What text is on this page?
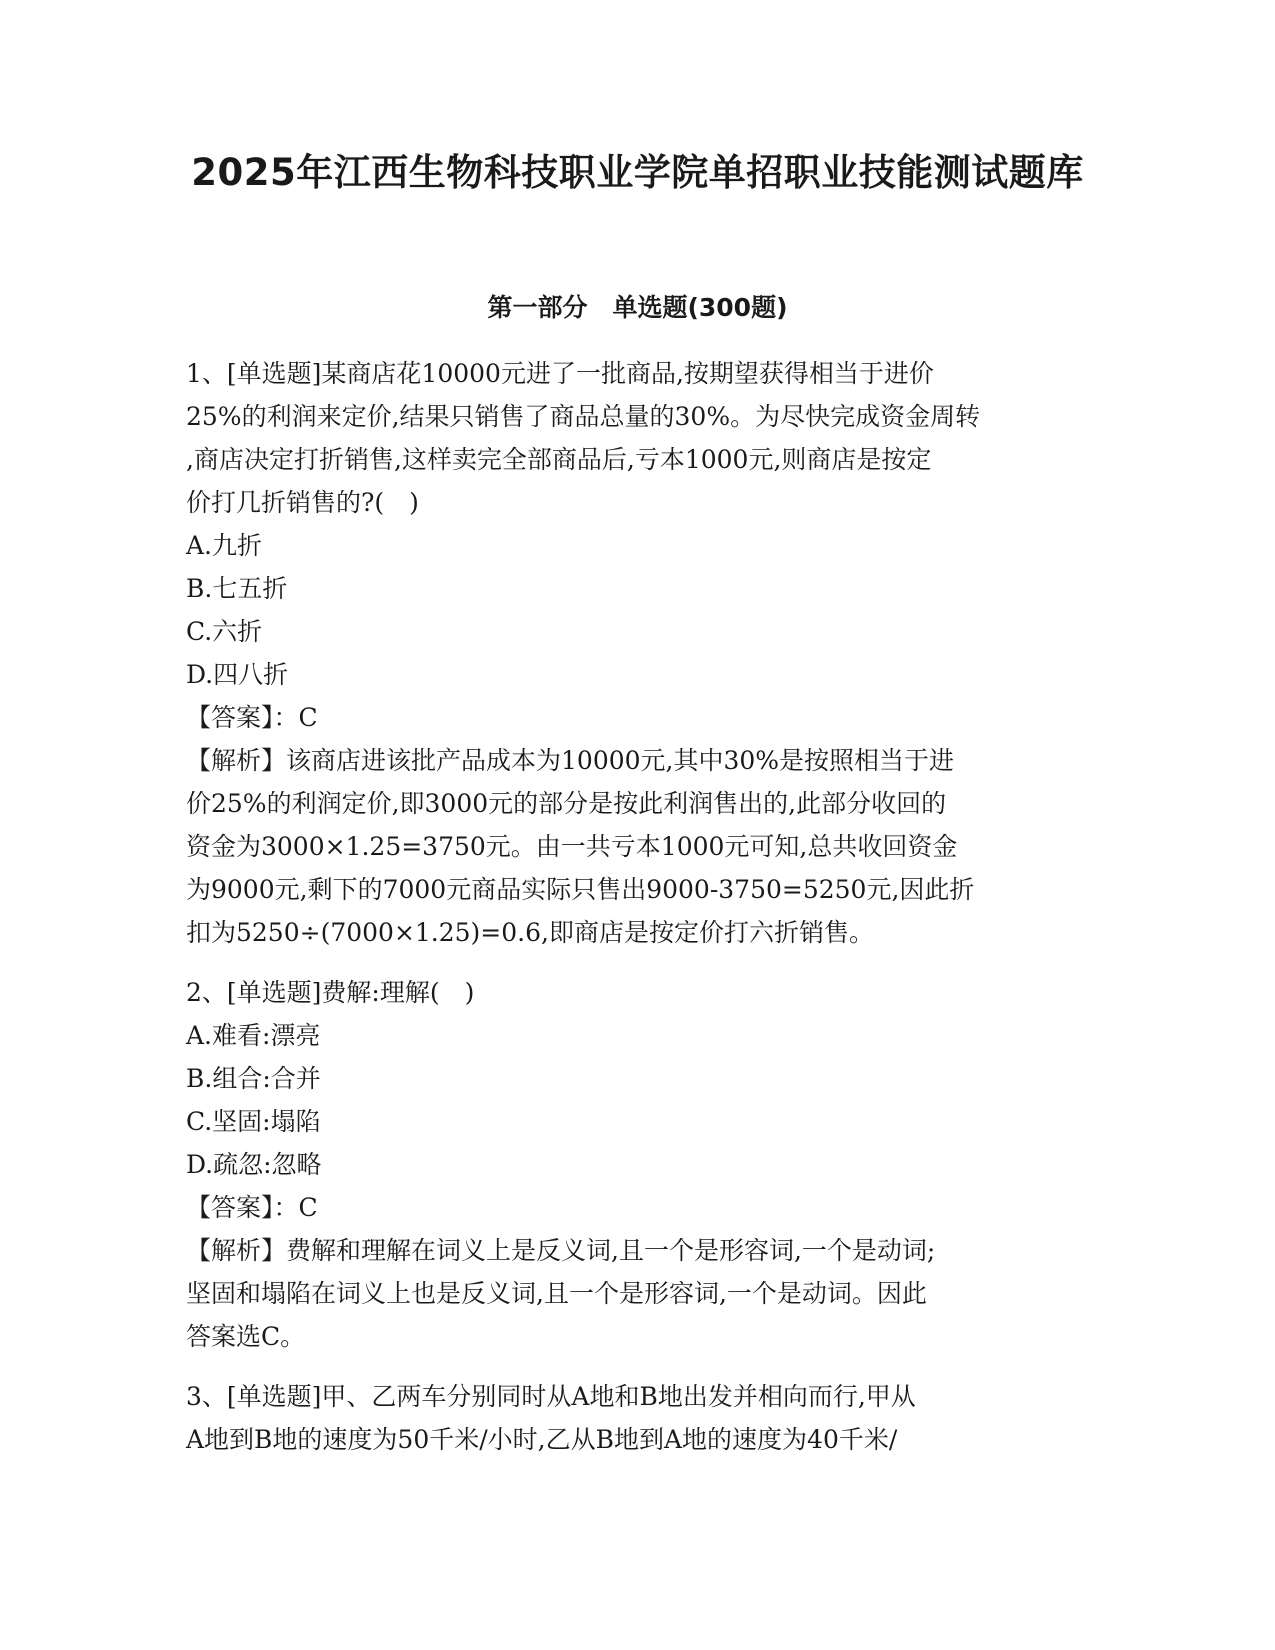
2025年江西生物科技职业学院单招职业技能测试题库
第一部分　单选题(300题)
1、[单选题]某商店花10000元进了一批商品,按期望获得相当于进价
25%的利润来定价,结果只销售了商品总量的30%。为尽快完成资金周转
,商店决定打折销售,这样卖完全部商品后,亏本1000元,则商店是按定
价打几折销售的?(　)
A.九折
B.七五折
C.六折
D.四八折
【答案】：C
【解析】该商店进该批产品成本为10000元,其中30%是按照相当于进
价25%的利润定价,即3000元的部分是按此利润售出的,此部分收回的
资金为3000×1.25=3750元。由一共亏本1000元可知,总共收回资金
为9000元,剩下的7000元商品实际只售出9000-3750=5250元,因此折
扣为5250÷(7000×1.25)=0.6,即商店是按定价打六折销售。
2、[单选题]费解:理解(　)
A.难看:漂亮
B.组合:合并
C.坚固:塌陷
D.疏忽:忽略
【答案】：C
【解析】费解和理解在词义上是反义词,且一个是形容词,一个是动词;
坚固和塌陷在词义上也是反义词,且一个是形容词,一个是动词。因此
答案选C。
3、[单选题]甲、乙两车分别同时从A地和B地出发并相向而行,甲从
A地到B地的速度为50千米/小时,乙从B地到A地的速度为40千米/
